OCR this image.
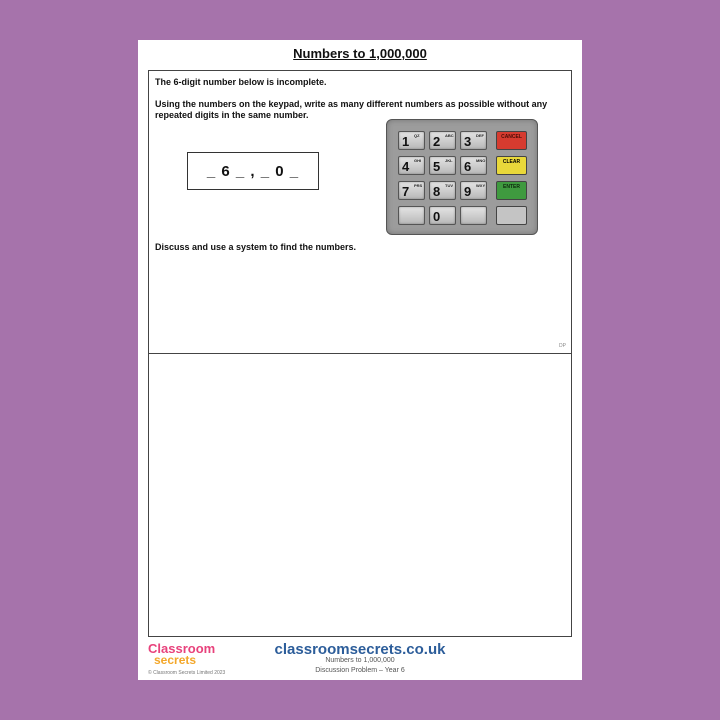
Numbers to 1,000,000
The 6-digit number below is incomplete.
Using the numbers on the keypad, write as many different numbers as possible without any repeated digits in the same number.
_ 6 _ , _ 0 _
1 QZ 2 ABC 3 DEF	CANCEL
4 GHI 5 JKL 6 MNO	CLEAR
7 PRS 8 TUV 9 WXY	ENTER
0
Discuss and use a system to find the numbers.
DP
Classroom
secrets
© Classroom Secrets Limited 2023
classroomsecrets.co.uk
Numbers to 1,000,000
Discussion Problem – Year 6
